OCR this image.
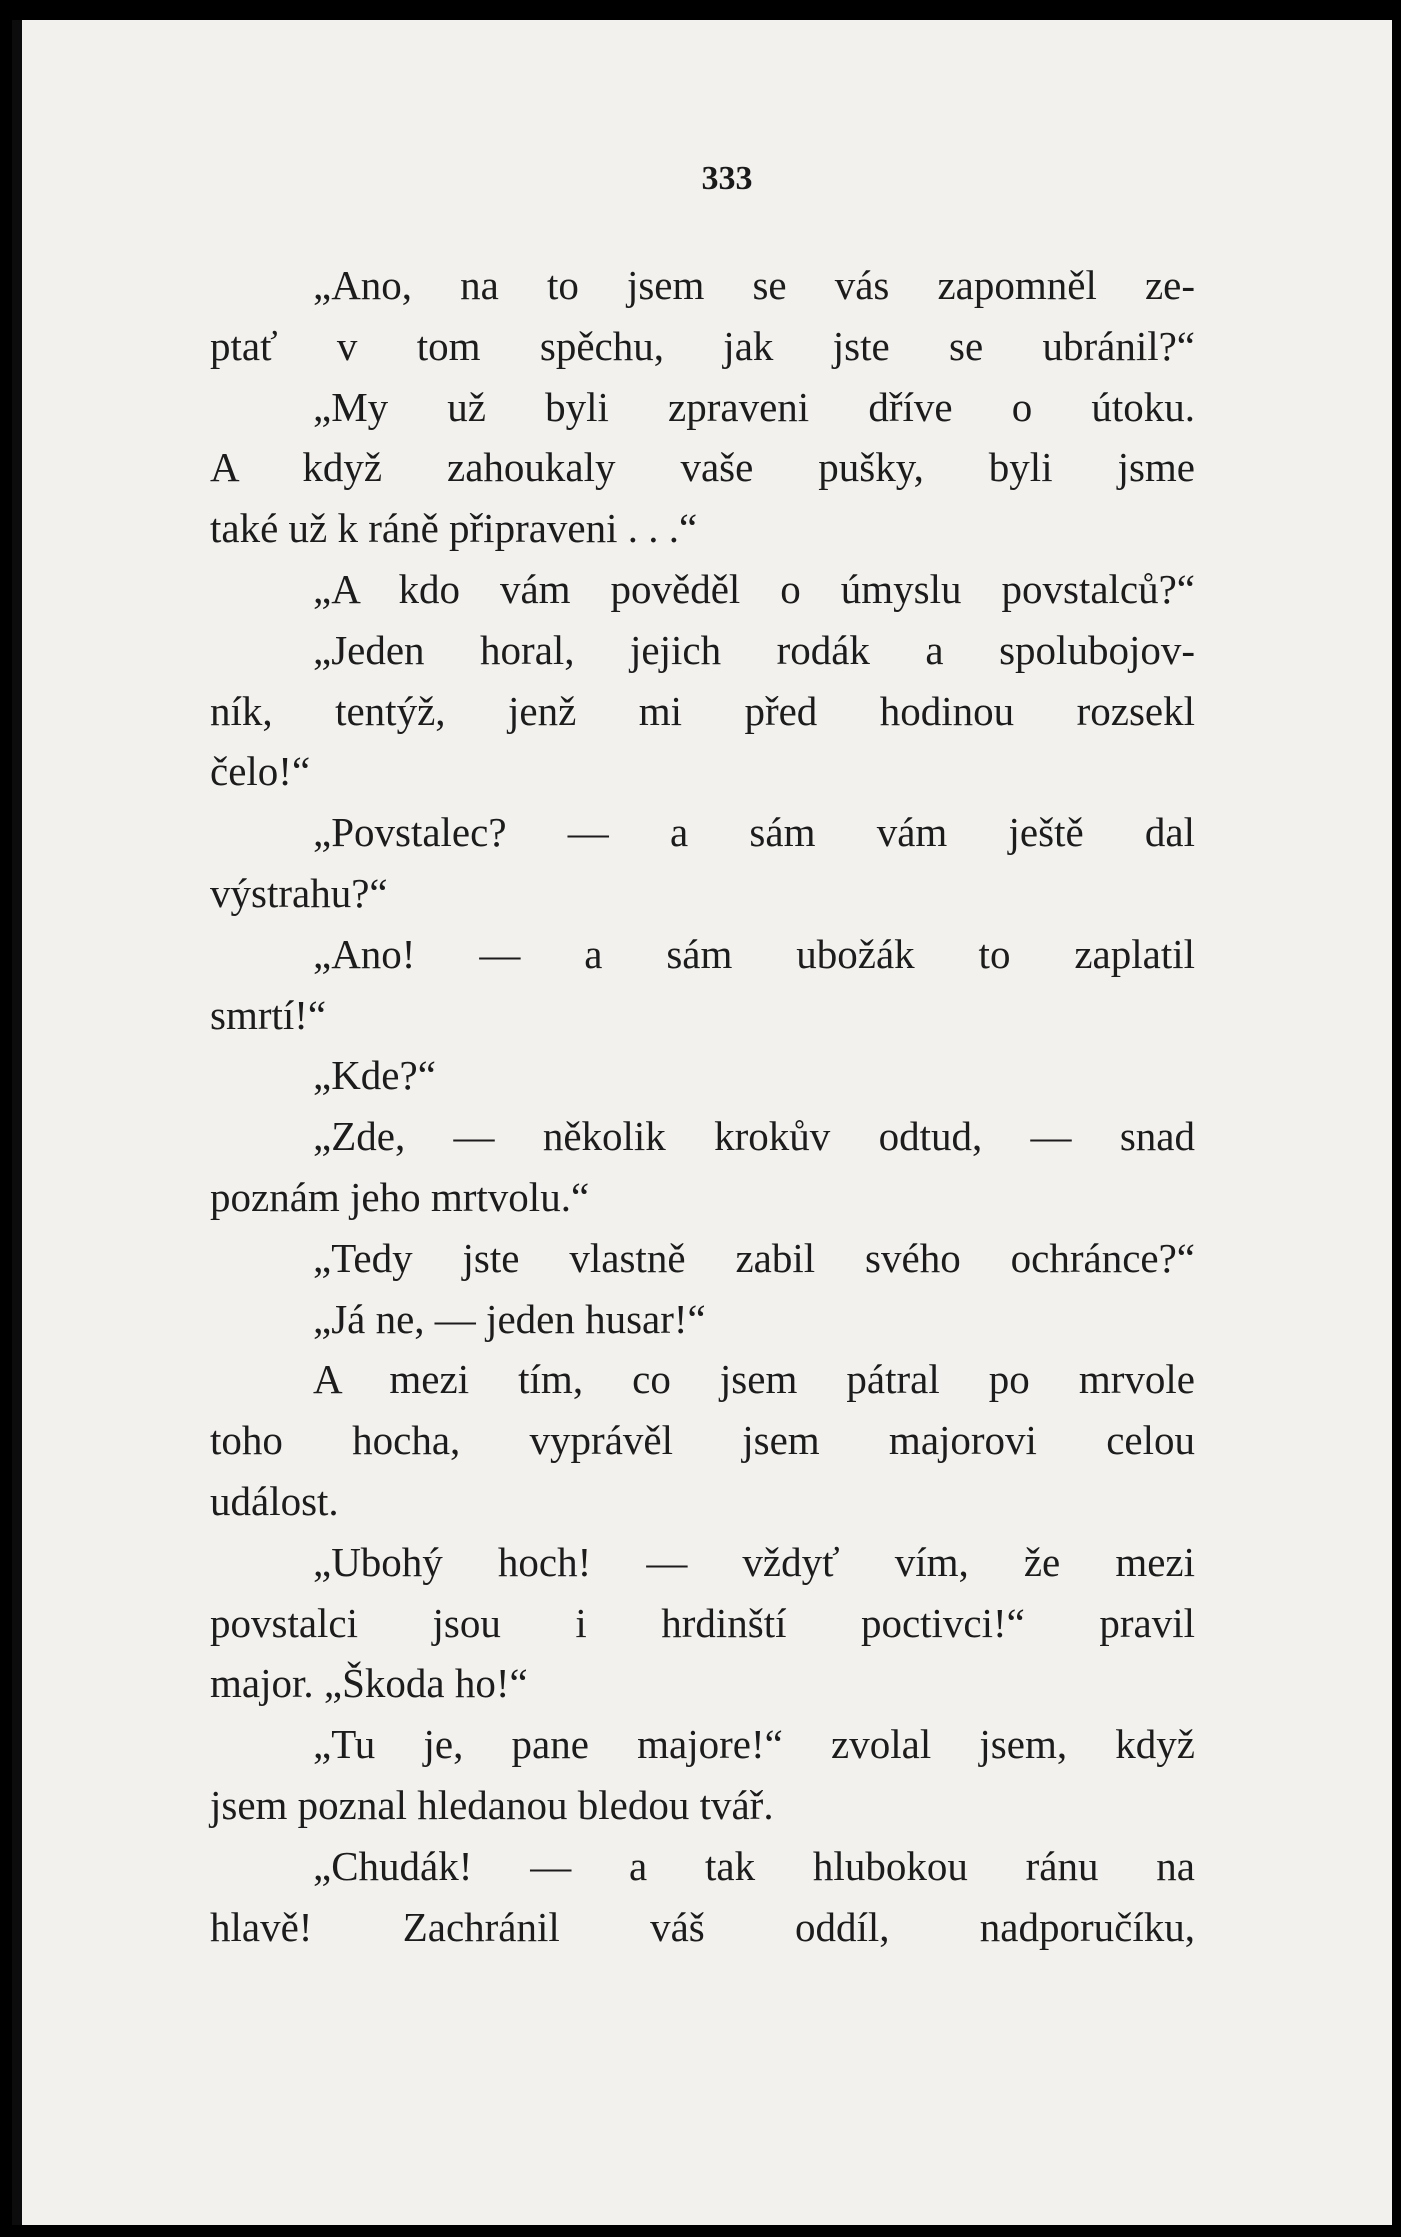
333
„Ano, na to jsem se vás zapomněl ze-
ptať v tom spěchu, jak jste se ubránil?“
„My už byli zpraveni dříve o útoku.
A když zahoukaly vaše pušky, byli jsme
také už k ráně připraveni . . .“
„A kdo vám pověděl o úmyslu povstalců?“
„Jeden horal, jejich rodák a spolubojov-
ník, tentýž, jenž mi před hodinou rozsekl
čelo!“
„Povstalec? — a sám vám ještě dal
výstrahu?“
„Ano! — a sám ubožák to zaplatil
smrtí!“
„Kde?“
„Zde, — několik krokův odtud, — snad
poznám jeho mrtvolu.“
„Tedy jste vlastně zabil svého ochránce?“
„Já ne, — jeden husar!“
A mezi tím, co jsem pátral po mrvole
toho hocha, vyprávěl jsem majorovi celou
událost.
„Ubohý hoch! — vždyť vím, že mezi
povstalci jsou i hrdinští poctivci!“ pravil
major. „Škoda ho!“
„Tu je, pane majore!“ zvolal jsem, když
jsem poznal hledanou bledou tvář.
„Chudák! — a tak hlubokou ránu na
hlavě! Zachránil váš oddíl, nadporučíku,
